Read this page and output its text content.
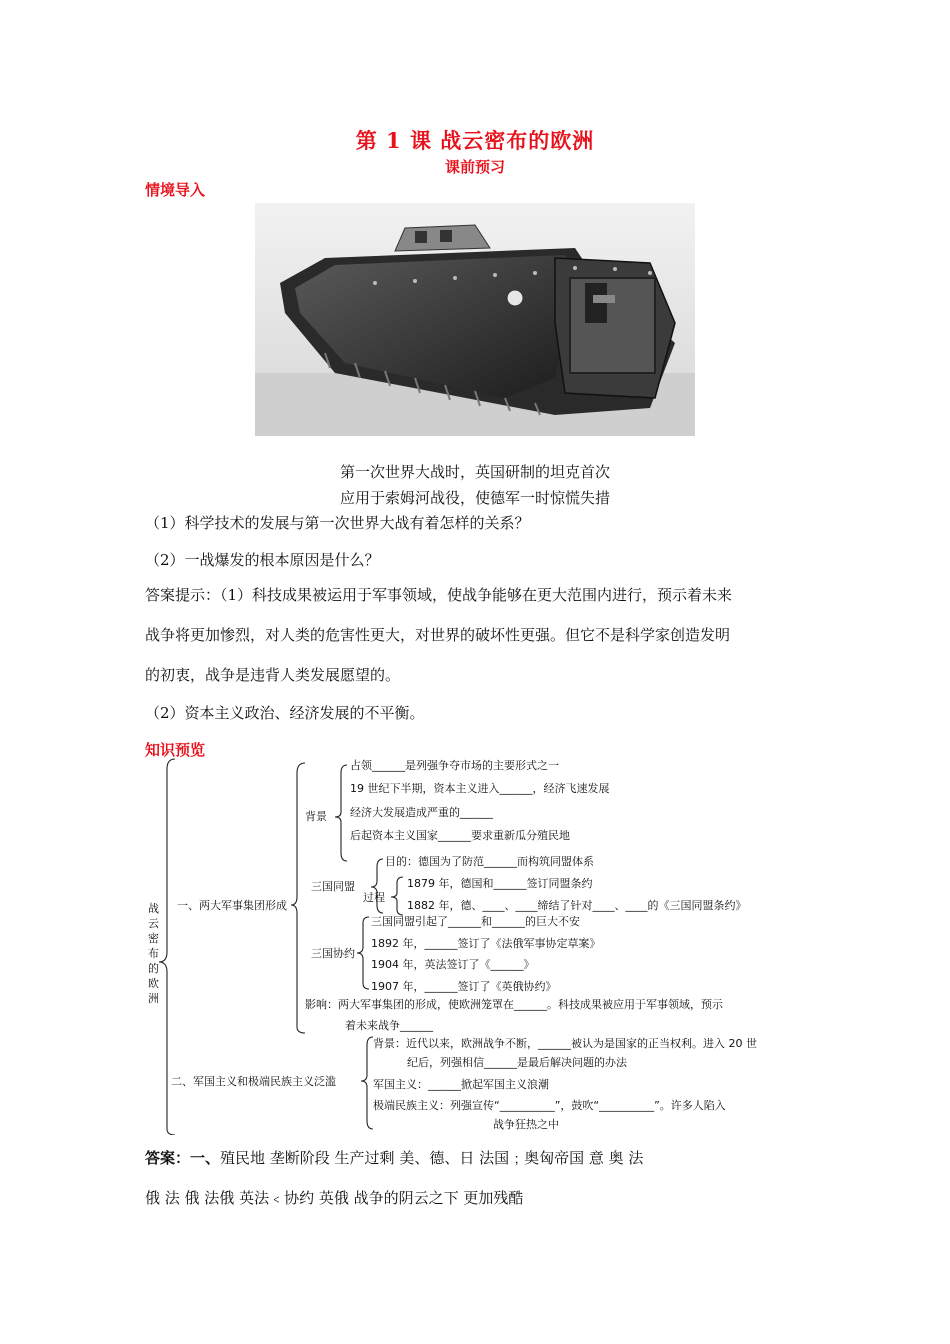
第 1 课 战云密布的欧洲
课前预习
情境导入
第一次世界大战时，英国研制的坦克首次
应用于索姆河战役，使德军一时惊慌失措
（1）科学技术的发展与第一次世界大战有着怎样的关系？
（2）一战爆发的根本原因是什么？
答案提示：（1）科技成果被运用于军事领域，使战争能够在更大范围内进行，预示着未来
战争将更加惨烈，对人类的危害性更大，对世界的破坏性更强。但它不是科学家创造发明
的初衷，战争是违背人类发展愿望的。
（2）资本主义政治、经济发展的不平衡。
知识预览
战
云
密
布
的
欧
洲
一、两大军事集团形成
背景
占领______是列强争夺市场的主要形式之一
19 世纪下半期，资本主义进入______，经济飞速发展
经济大发展造成严重的______
后起资本主义国家______要求重新瓜分殖民地
三国同盟
目的：德国为了防范______而构筑同盟体系
过程
1879 年，德国和______签订同盟条约
1882 年，德、____、____缔结了针对____、____的《三国同盟条约》
三国协约
三国同盟引起了______和______的巨大不安
1892 年，______签订了《法俄军事协定草案》
1904 年，英法签订了《______》
1907 年，______签订了《英俄协约》
影响：两大军事集团的形成，使欧洲笼罩在______。科技成果被应用于军事领域，预示
着未来战争______
二、军国主义和极端民族主义泛滥
背景：近代以来，欧洲战争不断，______被认为是国家的正当权利。进入 20 世
纪后，列强相信______是最后解决问题的办法
军国主义：______掀起军国主义浪潮
极端民族主义：列强宣传“__________”，鼓吹“__________”。许多人陷入
战争狂热之中
答案：一、殖民地 垄断阶段 生产过剩 美、德、日 法国﹔奥匈帝国 意 奥 法
俄 法 俄 法俄 英法﹤协约 英俄 战争的阴云之下 更加残酷
